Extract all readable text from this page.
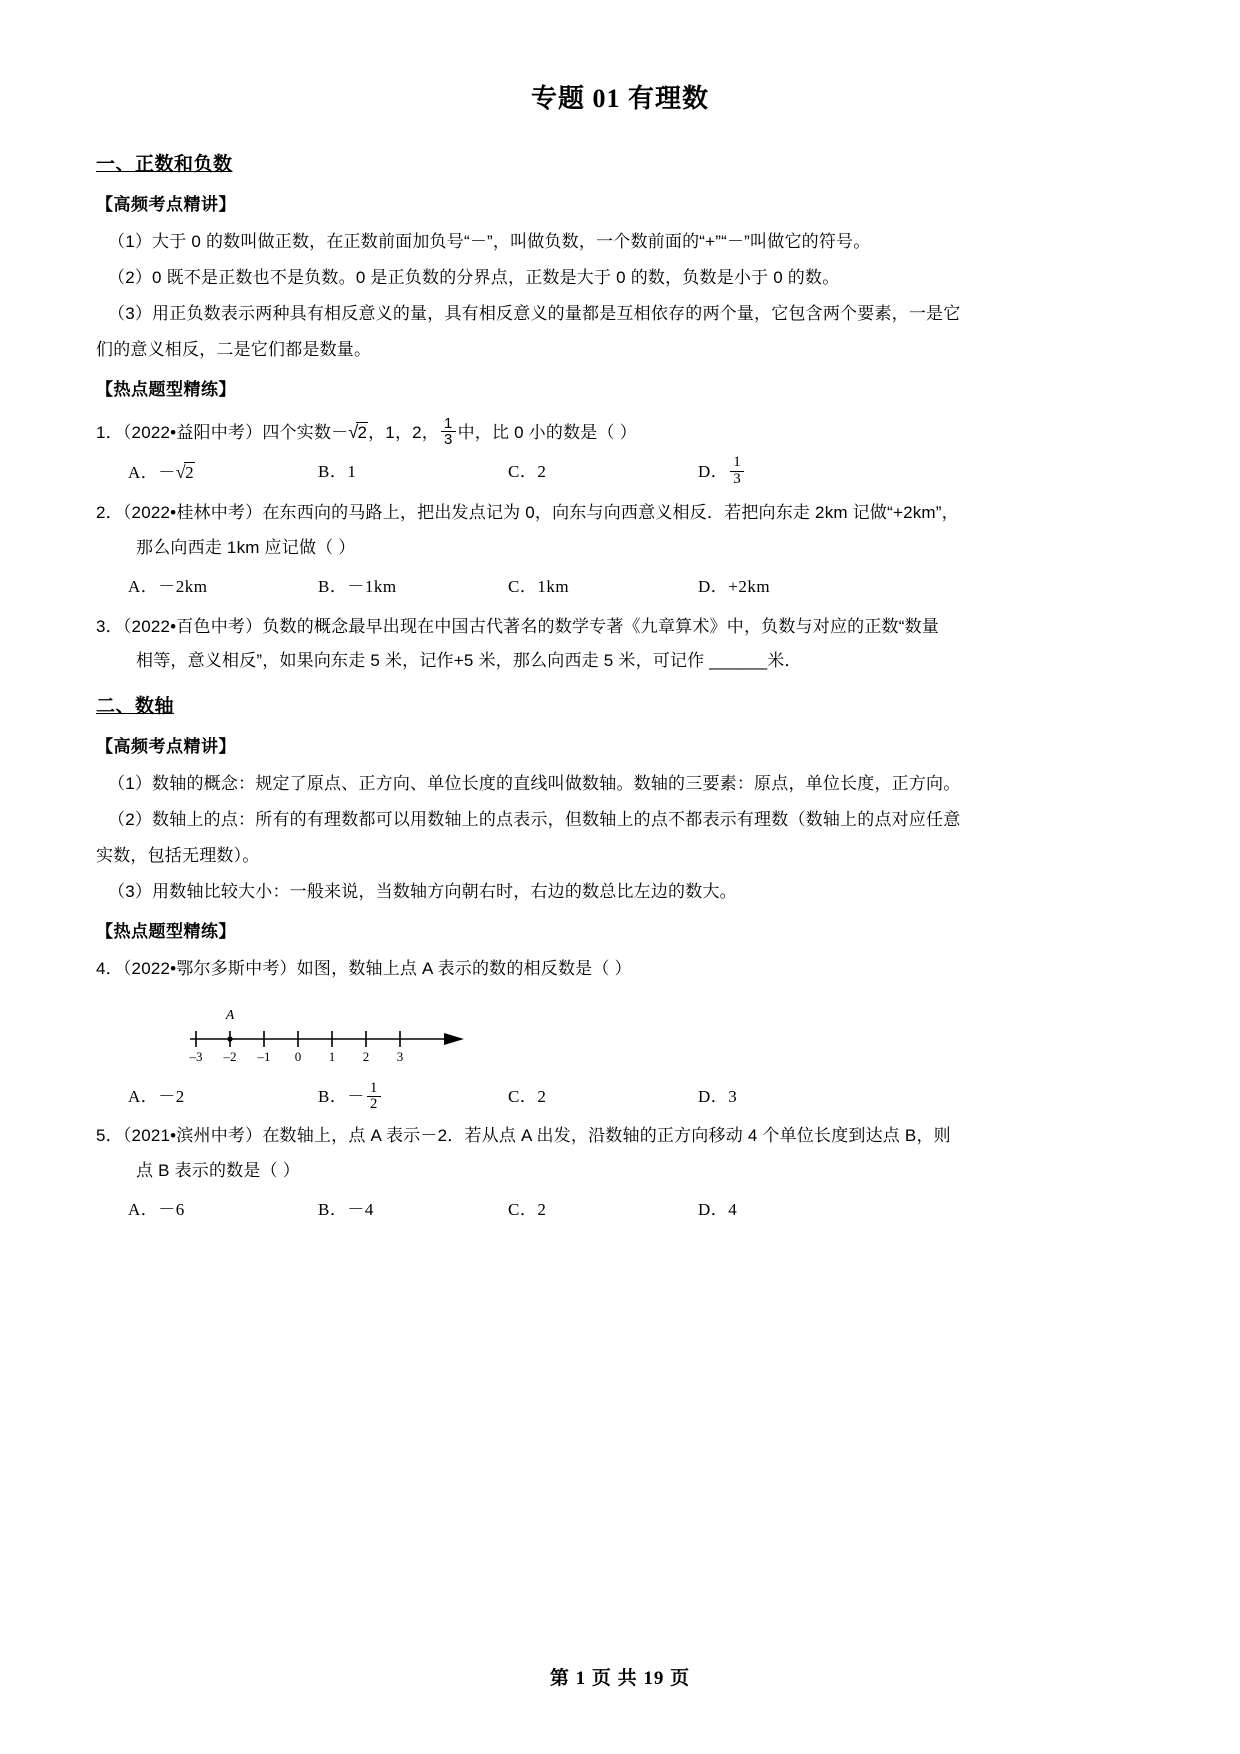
专题 01 有理数
一、正数和负数
【高频考点精讲】

（1）大于 0 的数叫做正数，在正数前面加负号“－”，叫做负数，一个数前面的“+”“－”叫做它的符号。

（2）0 既不是正数也不是负数。0 是正负数的分界点，正数是大于 0 的数，负数是小于 0 的数。

（3）用正负数表示两种具有相反意义的量，具有相反意义的量都是互相依存的两个量，它包含两个要素，一是它

们的意义相反，二是它们都是数量。

【热点题型精练】
1．（2022•益阳中考）四个实数－√2，1，2， $\frac{1}{3}$ 中，比 0 小的数是（ ）
A．－√2	B．1	C．2	D． $\frac{1}{3}$
2．（2022•桂林中考）在东西向的马路上，把出发点记为 0，向东与向西意义相反．若把向东走 2km 记做“+2km”，
那么向西走 1km 应记做（ ）
A．－2km	B．－1km	C．1km	D．+2km
3．（2022•百色中考）负数的概念最早出现在中国古代著名的数学专著《九章算术》中，负数与对应的正数“数量
相等，意义相反”，如果向东走 5 米，记作+5 米，那么向西走 5 米，可记作 ______米．
二、数轴
【高频考点精讲】

（1）数轴的概念：规定了原点、正方向、单位长度的直线叫做数轴。数轴的三要素：原点，单位长度，正方向。

（2）数轴上的点：所有的有理数都可以用数轴上的点表示，但数轴上的点不都表示有理数（数轴上的点对应任意

实数，包括无理数）。

（3）用数轴比较大小：一般来说，当数轴方向朝右时，右边的数总比左边的数大。

【热点题型精练】
4．（2022•鄂尔多斯中考）如图，数轴上点 A 表示的数的相反数是（ ）
A
–3 –2 –1 0 1 2 3
A．－2	B．－ $\frac{1}{2}$	C．2	D．3
5．（2021•滨州中考）在数轴上，点 A 表示－2．若从点 A 出发，沿数轴的正方向移动 4 个单位长度到达点 B，则
点 B 表示的数是（ ）
A．－6	B．－4	C．2	D．4
第 1 页 共 19 页
